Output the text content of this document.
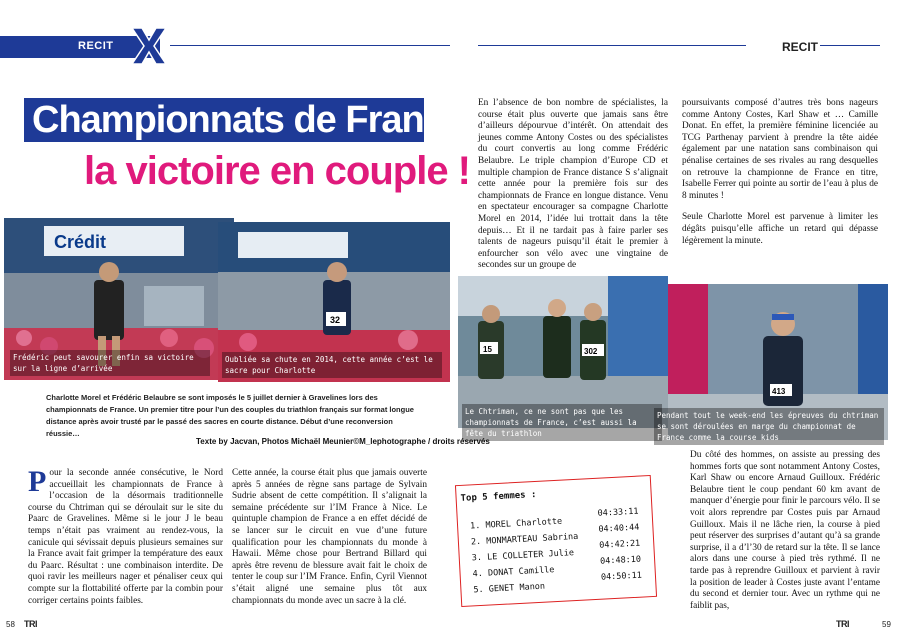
RECIT
Championnats de France,
la victoire en couple !
Crédit
Frédéric peut savourer enfin sa victoire sur la ligne d’arrivée
32
Oubliée sa chute en 2014, cette année c’est le sacre pour Charlotte
Charlotte Morel et Frédéric Belaubre se sont imposés le 5 juillet dernier à Gravelines lors des championnats de France. Un premier titre pour l’un des couples du triathlon français sur format longue distance après avoir trusté par le passé des sacres en courte distance. Début d’une reconversion réussie…
Texte by Jacvan, Photos Michaël Meunier©M_lephotographe / droits réservés
Pour la seconde année consécutive, le Nord accueillait les championnats de France à l’occasion de la désormais traditionnelle course du Chtriman qui se déroulait sur le site du Paarc de Gravelines. Même si le jour J le beau temps n’était pas vraiment au rendez-vous, la canicule qui sévissait depuis plusieurs semaines sur la France avait fait grimper la température des eaux du Paarc. Résultat : une combinaison interdite. De quoi ravir les meilleurs nager et pénaliser ceux qui compte sur la flottabilité offerte par la combin pour corriger certains points faibles.
Cette année, la course était plus que jamais ouverte après 5 années de règne sans partage de Sylvain Sudrie absent de cette compétition. Il s’alignait la semaine précédente sur l’IM France à Nice. Le quintuple champion de France a en effet décidé de se lancer sur le circuit en vue d’une future qualification pour les championnats du monde à Hawaii. Même chose pour Bertrand Billard qui après être revenu de blessure avait fait le choix de tenter le coup sur l’IM France. Enfin, Cyril Viennot s’était aligné une semaine plus tôt aux championnats du monde avec un sacre à la clé.
58 TRI
RECIT
En l’absence de bon nombre de spécialistes, la course était plus ouverte que jamais sans être d’ailleurs dépourvue d’intérêt. On attendait des jeunes comme Antony Costes ou des spécialistes du court convertis au long comme Frédéric Belaubre. Le triple champion d’Europe CD et multiple champion de France distance S s’alignait cette année pour la première fois sur des championnats de France en longue distance. Venu en spectateur encourager sa compagne Charlotte Morel en 2014, l’idée lui trottait dans la tête depuis… Et il ne tardait pas à faire parler ses talents de nageurs puisqu’il était le premier à enfourcher son vélo avec une vingtaine de secondes sur un groupe de

poursuivants composé d’autres très bons nageurs comme Antony Costes, Karl Shaw et … Camille Donat. En effet, la première féminine licenciée au TCG Parthenay parvient à prendre la tête aidée également par une natation sans combinaison qui pénalise certaines de ses rivales au rang desquelles on retrouve la championne de France en titre, Isabelle Ferrer qui pointe au sortir de l’eau à plus de 8 minutes !

Seule Charlotte Morel est parvenue à limiter les dégâts puisqu’elle affiche un retard qui dépasse légèrement la minute.

15	302
Le Chtriman, ce ne sont pas que les championnats de France, c’est aussi la fête du triathlon
413
Pendant tout le week-end les épreuves du chtriman se sont déroulées en marge du championnat de France comme la course kids
Top 5 femmes :
1. MOREL Charlotte
04:33:11
2. MONMARTEAU Sabrina
04:40:44
3. LE COLLETER Julie
04:42:21
4. DONAT Camille
04:48:10
5. GENET Manon
04:50:11
Du côté des hommes, on assiste au pressing des hommes forts que sont notamment Antony Costes, Karl Shaw ou encore Arnaud Guilloux. Frédéric Belaubre tient le coup pendant 60 km avant de manquer d’énergie pour finir le parcours vélo. Il se voit alors reprendre par Costes puis par Arnaud Guilloux. Mais il ne lâche rien, la course à pied peut réserver des surprises d’autant qu’à sa grande surprise, il a d’l’30 de retard sur la tête. Il se lance alors dans une course à pied très rythmé. Il ne tarde pas à reprendre Guilloux et parvient à ravir la position de leader à Costes juste avant l’entame du second et dernier tour. Avec un rythme qui ne faiblit pas,
TRI	59
